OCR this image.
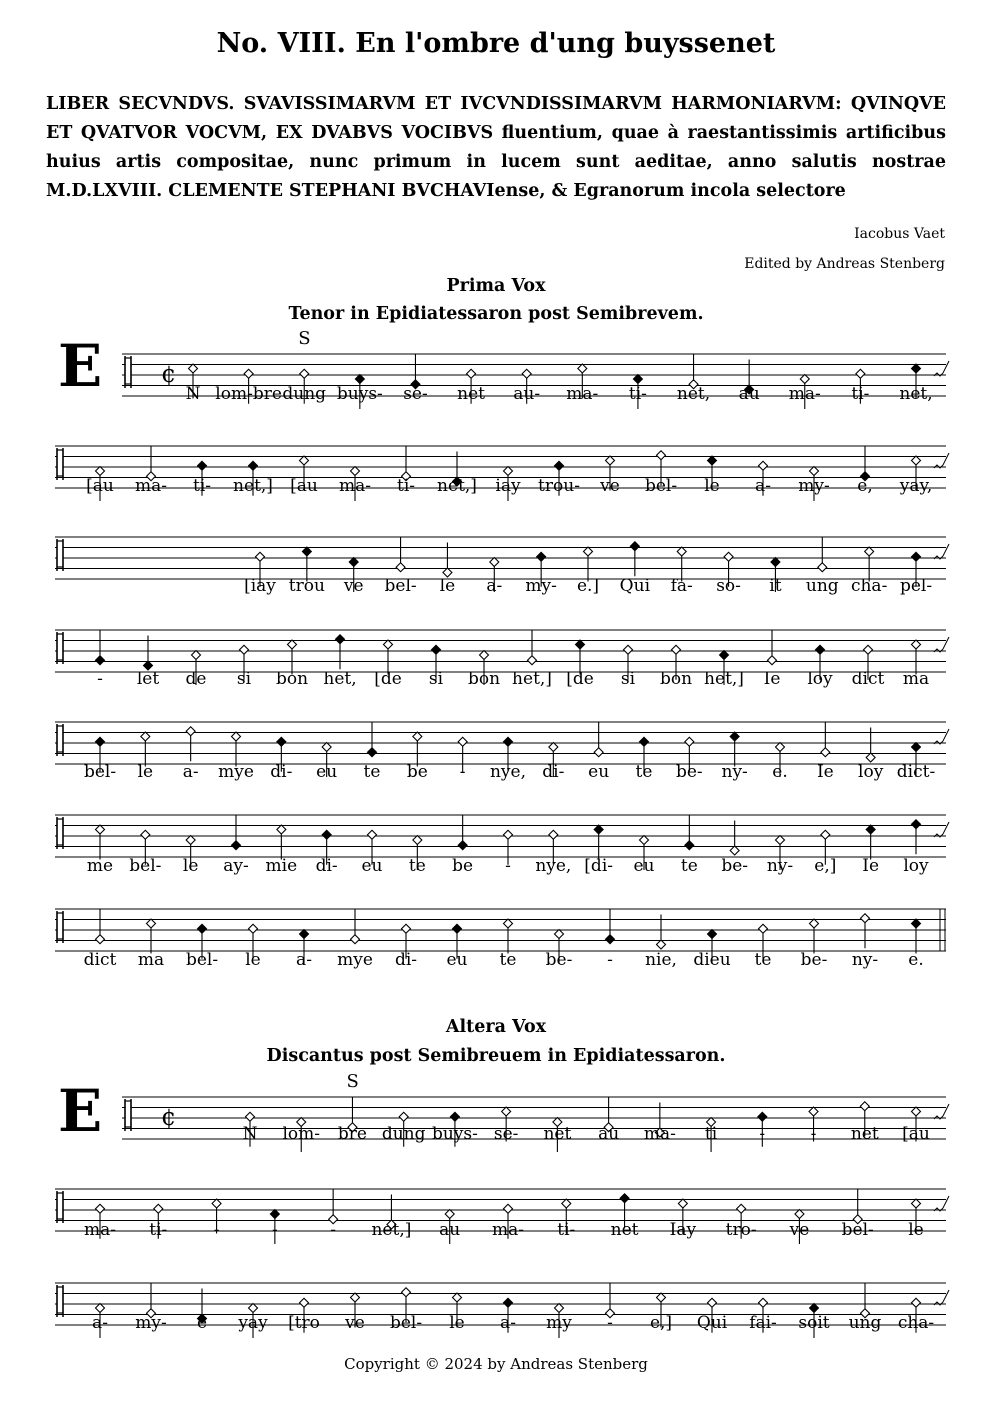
No. VIII. En l'ombre d'ung buyssenet
LIBER SECVNDVS. SVAVISSIMARVM ET IVCVNDISSIMARVM HARMONIARVM: QVINQVE ET QVATVOR VOCVM, EX DVABVS VOCIBVS fluentium, quae à raestantissimis artificibus huius artis compositae, nunc primum in lucem sunt aeditae, anno salutis nostrae M.D.LXVIII. CLEMENTE STEPHANI BVCHAVIense, & Egranorum incola selectore
Iacobus Vaet
Edited by Andreas Stenberg
Prima Vox
Tenor in Epidiatessaron post Semibrevem.
E
Altera Vox
Discantus post Semibreuem in Epidiatessaron.
E
¢
¢
S
S
N lom-bre dung buys- se- net au- ma- ti- net, au ma- ti- net,
[au ma- ti- net,] [au ma- ti- net,] iay trou- ve bel- le a- my- e, yay,
[iay trou ve bel- le a- my- e.] Qui fa- so- it ung cha- pel-
- let de si bon het, [de si bon het,] [de si bon het,] Ie loy dict ma
bel- le a- mye di- eu te be - nye, di- eu te be- ny- e. Ie loy dict-
me bel- le ay- mie di- eu te be - nye, [di- eu te be- ny- e,] Ie loy
dict ma bel- le a- mye di- eu te be- - nie, dieu te be- ny- e.
N lom- bre dung buys- se- net au ma- ti -	- net [au
ma- ti-	-	-	- net,] au ma- ti- net Iay tro- ve bel- le
a- my- e yay [tro ve bel- le a- my - e,] Qui fai- soit ung cha-
Copyright © 2024 by Andreas Stenberg
